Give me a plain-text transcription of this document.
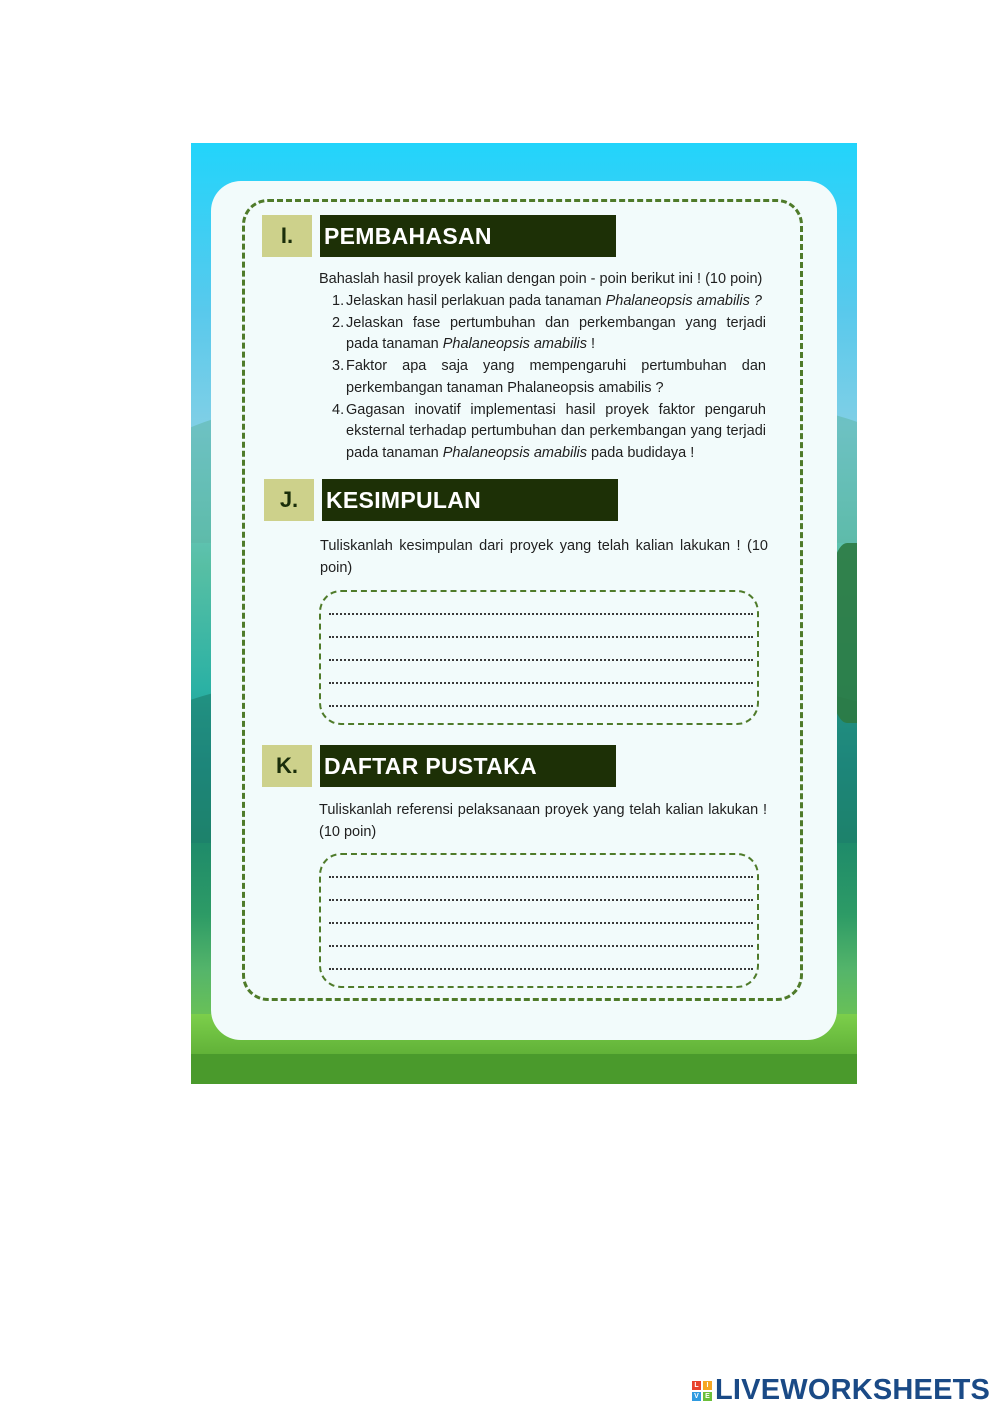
I.	PEMBAHASAN
Bahaslah hasil proyek kalian dengan poin - poin berikut ini ! (10 poin)
1. Jelaskan hasil perlakuan pada tanaman Phalaneopsis amabilis ?
2. Jelaskan fase pertumbuhan dan perkembangan yang terjadi pada tanaman Phalaneopsis amabilis !
3. Faktor apa saja yang mempengaruhi pertumbuhan dan perkembangan tanaman Phalaneopsis amabilis ?
4. Gagasan inovatif implementasi hasil proyek faktor pengaruh eksternal terhadap pertumbuhan dan perkembangan yang terjadi pada tanaman Phalaneopsis amabilis pada budidaya !
J.	KESIMPULAN
Tuliskanlah kesimpulan dari proyek yang telah kalian lakukan ! (10 poin)
K.	DAFTAR PUSTAKA
Tuliskanlah referensi pelaksanaan proyek yang telah kalian lakukan ! (10 poin)
L	I
V E LIVEWORKSHEETS
